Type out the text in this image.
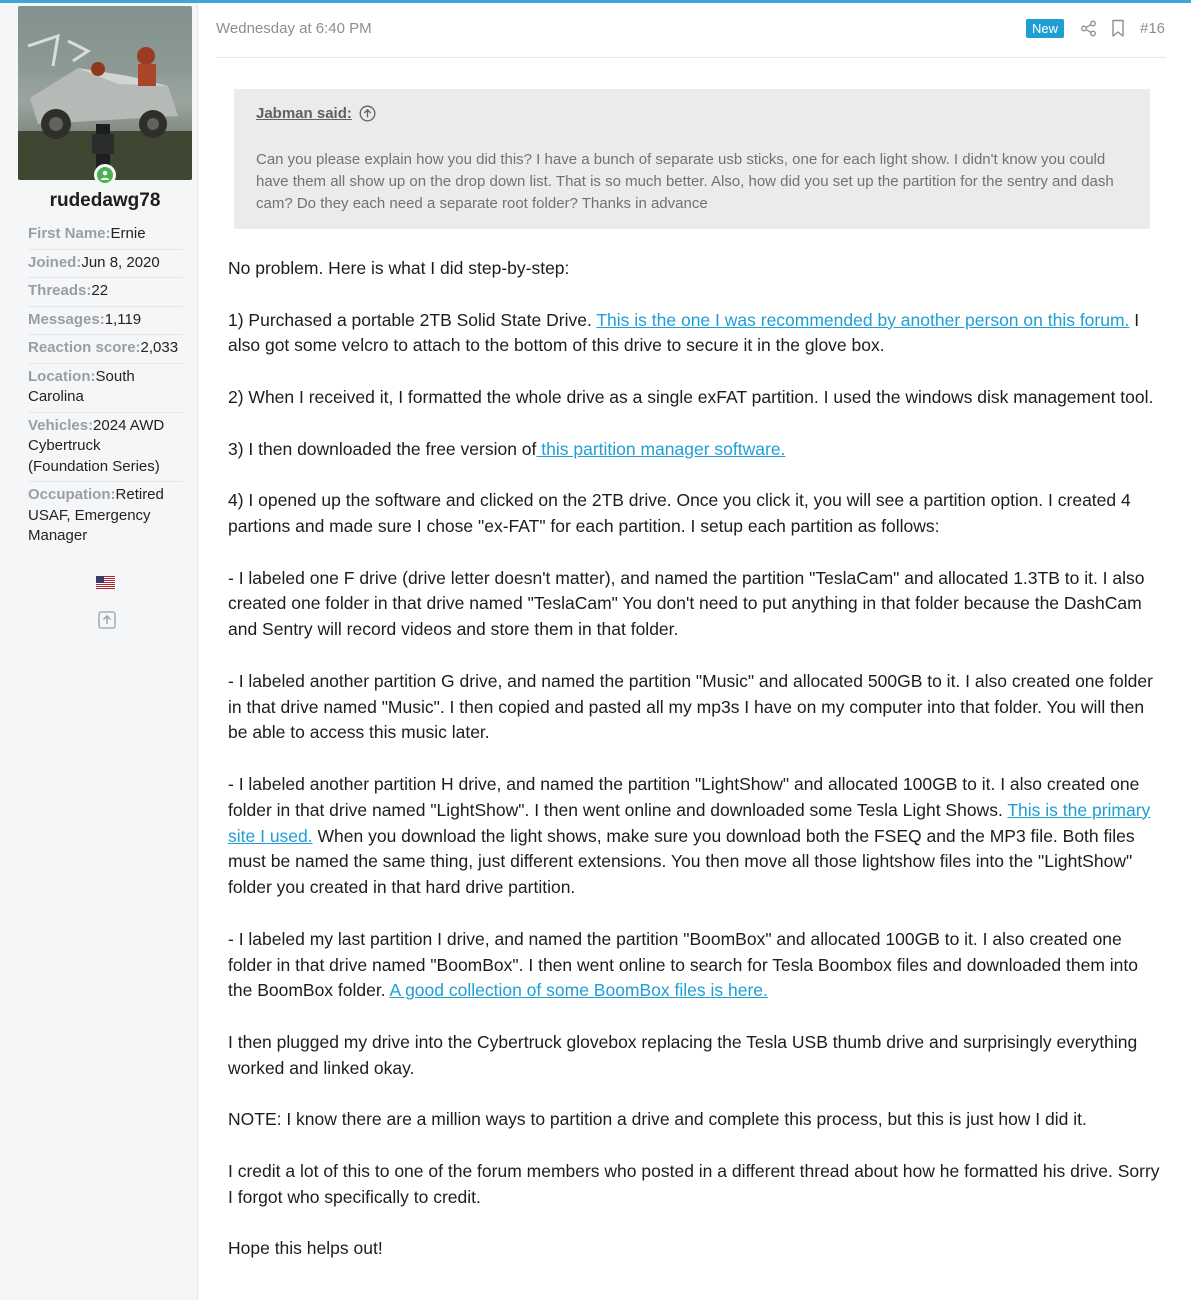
rudedawg78
First Name:Ernie
Joined:Jun 8, 2020
Threads:22
Messages:1,119
Reaction score:2,033
Location:South Carolina
Vehicles:2024 AWD Cybertruck (Foundation Series)
Occupation:Retired USAF, Emergency Manager
Wednesday at 6:40 PM	New	#16
Jabman said:
Can you please explain how you did this? I have a bunch of separate usb sticks, one for each light show. I didn't know you could have them all show up on the drop down list. That is so much better. Also, how did you set up the partition for the sentry and dash cam? Do they each need a separate root folder? Thanks in advance

No problem. Here is what I did step-by-step:

1) Purchased a portable 2TB Solid State Drive. This is the one I was recommended by another person on this forum. I also got some velcro to attach to the bottom of this drive to secure it in the glove box.

2) When I received it, I formatted the whole drive as a single exFAT partition. I used the windows disk management tool.

3) I then downloaded the free version of this partition manager software.

4) I opened up the software and clicked on the 2TB drive. Once you click it, you will see a partition option. I created 4 partions and made sure I chose "ex-FAT" for each partition. I setup each partition as follows:

- I labeled one F drive (drive letter doesn't matter), and named the partition "TeslaCam" and allocated 1.3TB to it. I also created one folder in that drive named "TeslaCam" You don't need to put anything in that folder because the DashCam and Sentry will record videos and store them in that folder.

- I labeled another partition G drive, and named the partition "Music" and allocated 500GB to it. I also created one folder in that drive named "Music". I then copied and pasted all my mp3s I have on my computer into that folder. You will then be able to access this music later.

- I labeled another partition H drive, and named the partition "LightShow" and allocated 100GB to it. I also created one folder in that drive named "LightShow". I then went online and downloaded some Tesla Light Shows. This is the primary site I used. When you download the light shows, make sure you download both the FSEQ and the MP3 file. Both files must be named the same thing, just different extensions. You then move all those lightshow files into the "LightShow" folder you created in that hard drive partition.

- I labeled my last partition I drive, and named the partition "BoomBox" and allocated 100GB to it. I also created one folder in that drive named "BoomBox". I then went online to search for Tesla Boombox files and downloaded them into the BoomBox folder. A good collection of some BoomBox files is here.

I then plugged my drive into the Cybertruck glovebox replacing the Tesla USB thumb drive and surprisingly everything worked and linked okay.

NOTE: I know there are a million ways to partition a drive and complete this process, but this is just how I did it.

I credit a lot of this to one of the forum members who posted in a different thread about how he formatted his drive. Sorry I forgot who specifically to credit.

Hope this helps out!
